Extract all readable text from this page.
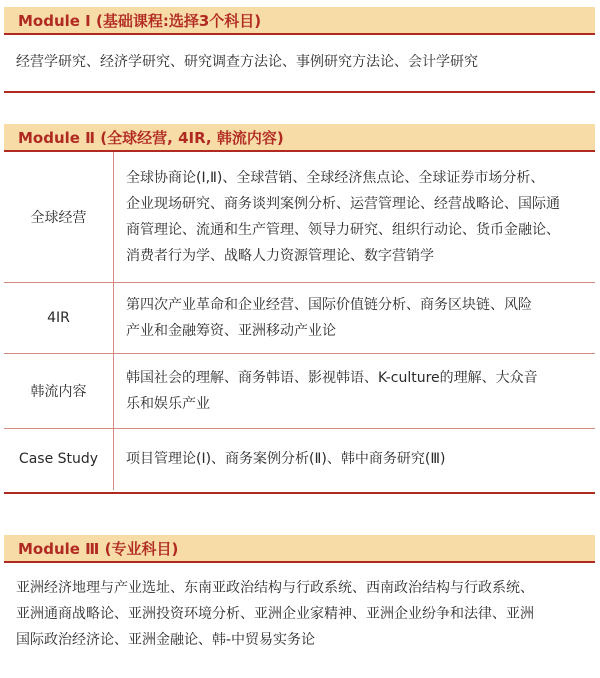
Module Ⅰ (基础课程:选择3个科目)
经营学研究、经济学研究、研究调查方法论、事例研究方法论、会计学研究
Module Ⅱ (全球经营, 4IR, 韩流内容)
全球经营	全球协商论(Ⅰ,Ⅱ)、全球营销、全球经济焦点论、全球证券市场分析、
企业现场研究、商务谈判案例分析、运营管理论、经营战略论、国际通
商管理论、流通和生产管理、领导力研究、组织行动论、货币金融论、
消费者行为学、战略人力资源管理论、数字营销学

4IR	第四次产业革命和企业经营、国际价值链分析、商务区块链、风险
产业和金融筹资、亚洲移动产业论

韩流内容	韩国社会的理解、商务韩语、影视韩语、K-culture的理解、大众音
乐和娱乐产业

Case Study	项目管理论(Ⅰ)、商务案例分析(Ⅱ)、韩中商务研究(Ⅲ)
Module Ⅲ (专业科目)
亚洲经济地理与产业选址、东南亚政治结构与行政系统、西南政治结构与行政系统、
亚洲通商战略论、亚洲投资环境分析、亚洲企业家精神、亚洲企业纷争和法律、亚洲
国际政治经济论、亚洲金融论、韩-中贸易实务论
